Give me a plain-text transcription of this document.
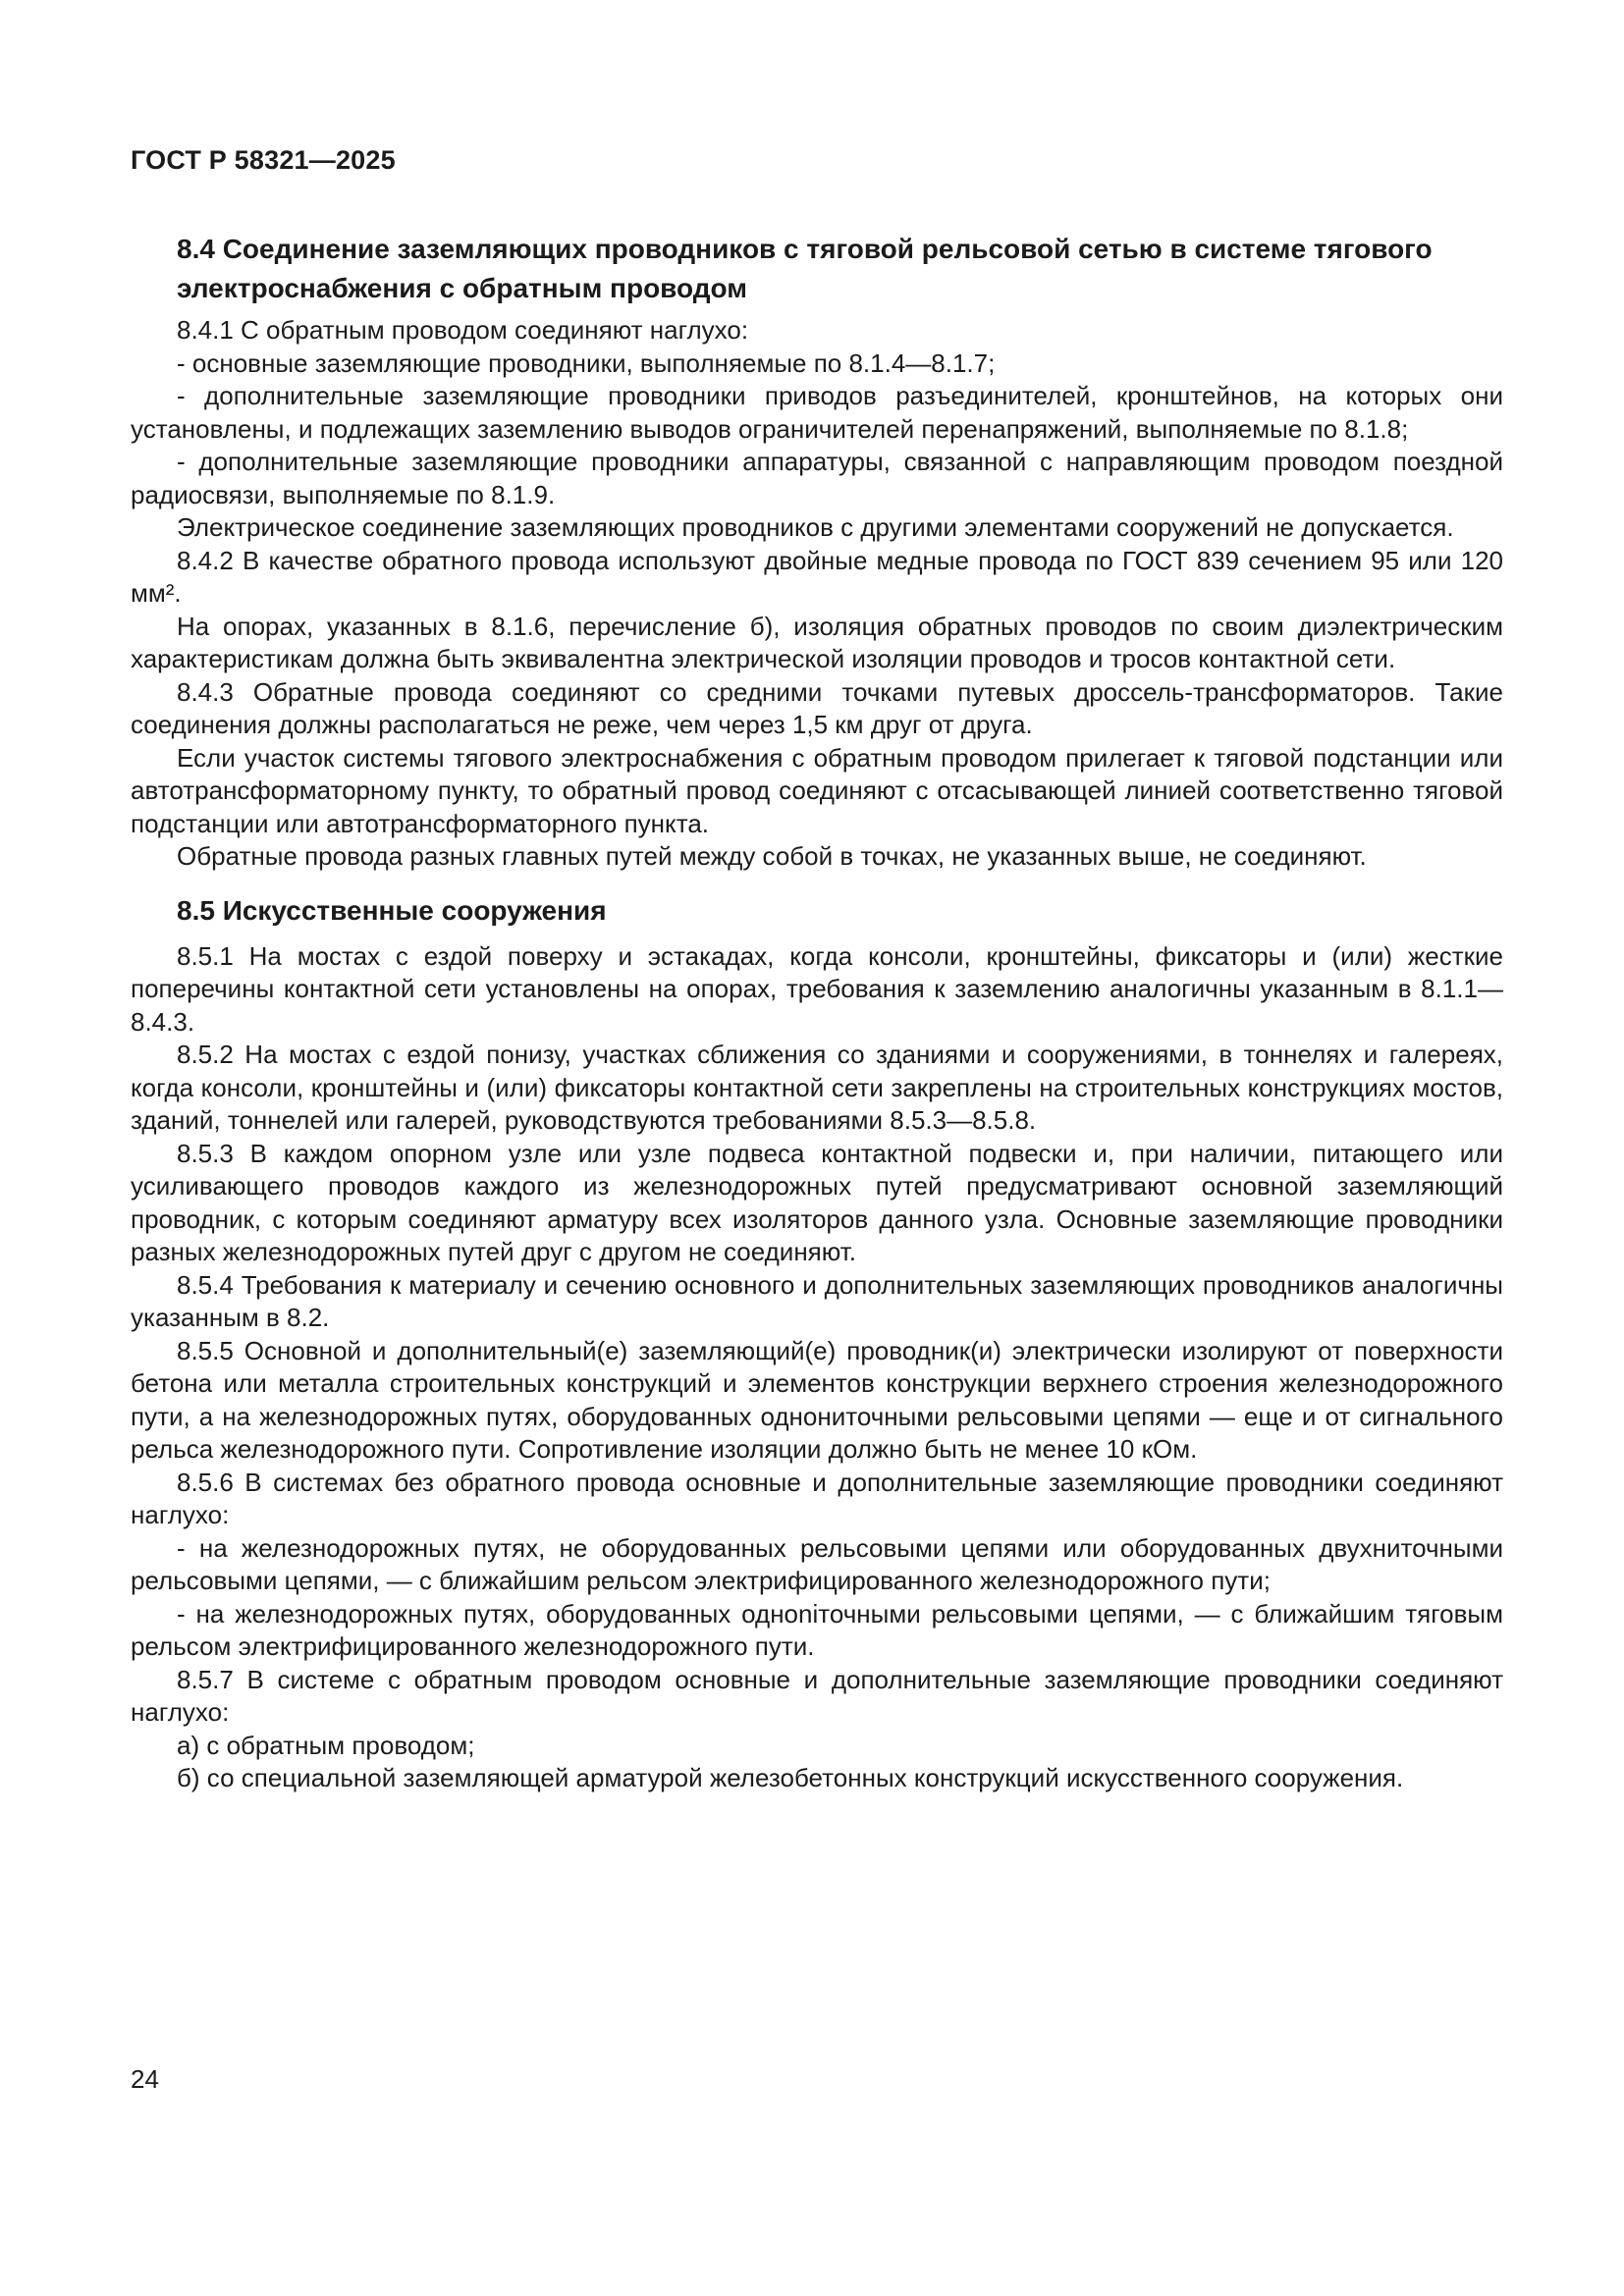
ГОСТ Р 58321—2025
8.4 Соединение заземляющих проводников с тяговой рельсовой сетью в системе тягового электроснабжения с обратным проводом

8.4.1 С обратным проводом соединяют наглухо:

- основные заземляющие проводники, выполняемые по 8.1.4—8.1.7;

- дополнительные заземляющие проводники приводов разъединителей, кронштейнов, на которых они установлены, и подлежащих заземлению выводов ограничителей перенапряжений, выполняемые по 8.1.8;

- дополнительные заземляющие проводники аппаратуры, связанной с направляющим проводом поездной радиосвязи, выполняемые по 8.1.9.

Электрическое соединение заземляющих проводников с другими элементами сооружений не допускается.

8.4.2 В качестве обратного провода используют двойные медные провода по ГОСТ 839 сечением 95 или 120 мм².

На опорах, указанных в 8.1.6, перечисление б), изоляция обратных проводов по своим диэлектрическим характеристикам должна быть эквивалентна электрической изоляции проводов и тросов контактной сети.

8.4.3 Обратные провода соединяют со средними точками путевых дроссель-трансформаторов. Такие соединения должны располагаться не реже, чем через 1,5 км друг от друга.

Если участок системы тягового электроснабжения с обратным проводом прилегает к тяговой подстанции или автотрансформаторному пункту, то обратный провод соединяют с отсасывающей линией соответственно тяговой подстанции или автотрансформаторного пункта.

Обратные провода разных главных путей между собой в точках, не указанных выше, не соединяют.

8.5 Искусственные сооружения

8.5.1 На мостах с ездой поверху и эстакадах, когда консоли, кронштейны, фиксаторы и (или) жесткие поперечины контактной сети установлены на опорах, требования к заземлению аналогичны указанным в 8.1.1—8.4.3.

8.5.2 На мостах с ездой понизу, участках сближения со зданиями и сооружениями, в тоннелях и галереях, когда консоли, кронштейны и (или) фиксаторы контактной сети закреплены на строительных конструкциях мостов, зданий, тоннелей или галерей, руководствуются требованиями 8.5.3—8.5.8.

8.5.3 В каждом опорном узле или узле подвеса контактной подвески и, при наличии, питающего или усиливающего проводов каждого из железнодорожных путей предусматривают основной заземляющий проводник, с которым соединяют арматуру всех изоляторов данного узла. Основные заземляющие проводники разных железнодорожных путей друг с другом не соединяют.

8.5.4 Требования к материалу и сечению основного и дополнительных заземляющих проводников аналогичны указанным в 8.2.

8.5.5 Основной и дополнительный(е) заземляющий(е) проводник(и) электрически изолируют от поверхности бетона или металла строительных конструкций и элементов конструкции верхнего строения железнодорожного пути, а на железнодорожных путях, оборудованных однониточными рельсовыми цепями — еще и от сигнального рельса железнодорожного пути. Сопротивление изоляции должно быть не менее 10 кОм.

8.5.6 В системах без обратного провода основные и дополнительные заземляющие проводники соединяют наглухо:

- на железнодорожных путях, не оборудованных рельсовыми цепями или оборудованных двухниточными рельсовыми цепями, — с ближайшим рельсом электрифицированного железнодорожного пути;

- на железнодорожных путях, оборудованных одноniточными рельсовыми цепями, — с ближайшим тяговым рельсом электрифицированного железнодорожного пути.

8.5.7 В системе с обратным проводом основные и дополнительные заземляющие проводники соединяют наглухо:

а) с обратным проводом;

б) со специальной заземляющей арматурой железобетонных конструкций искусственного сооружения.

24
